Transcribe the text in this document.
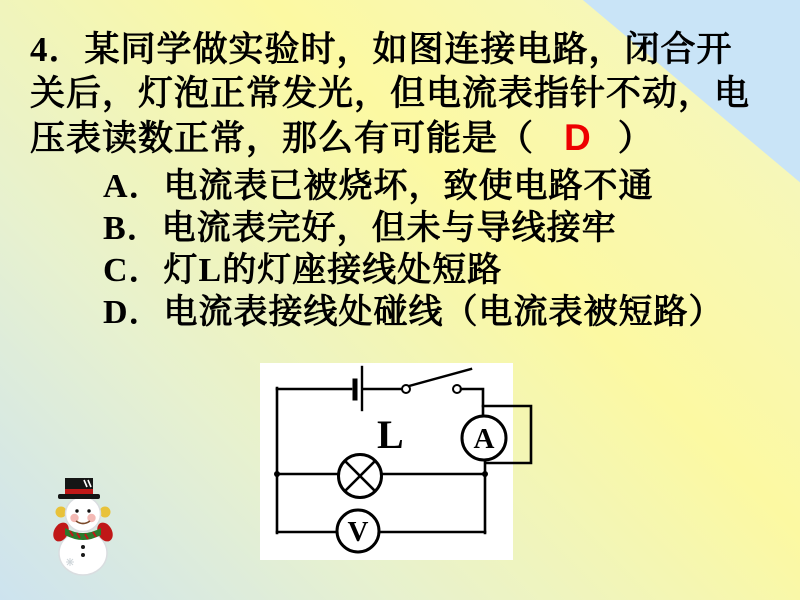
4．某同学做实验时，如图连接电路，闭合开
关后，灯泡正常发光，但电流表指针不动，电
压表读数正常，那么有可能是（ D ）
A．电流表已被烧坏，致使电路不通
B．电流表完好，但未与导线接牢
C．灯L的灯座接线处短路
D．电流表接线处碰线（电流表被短路）
A
V
L
